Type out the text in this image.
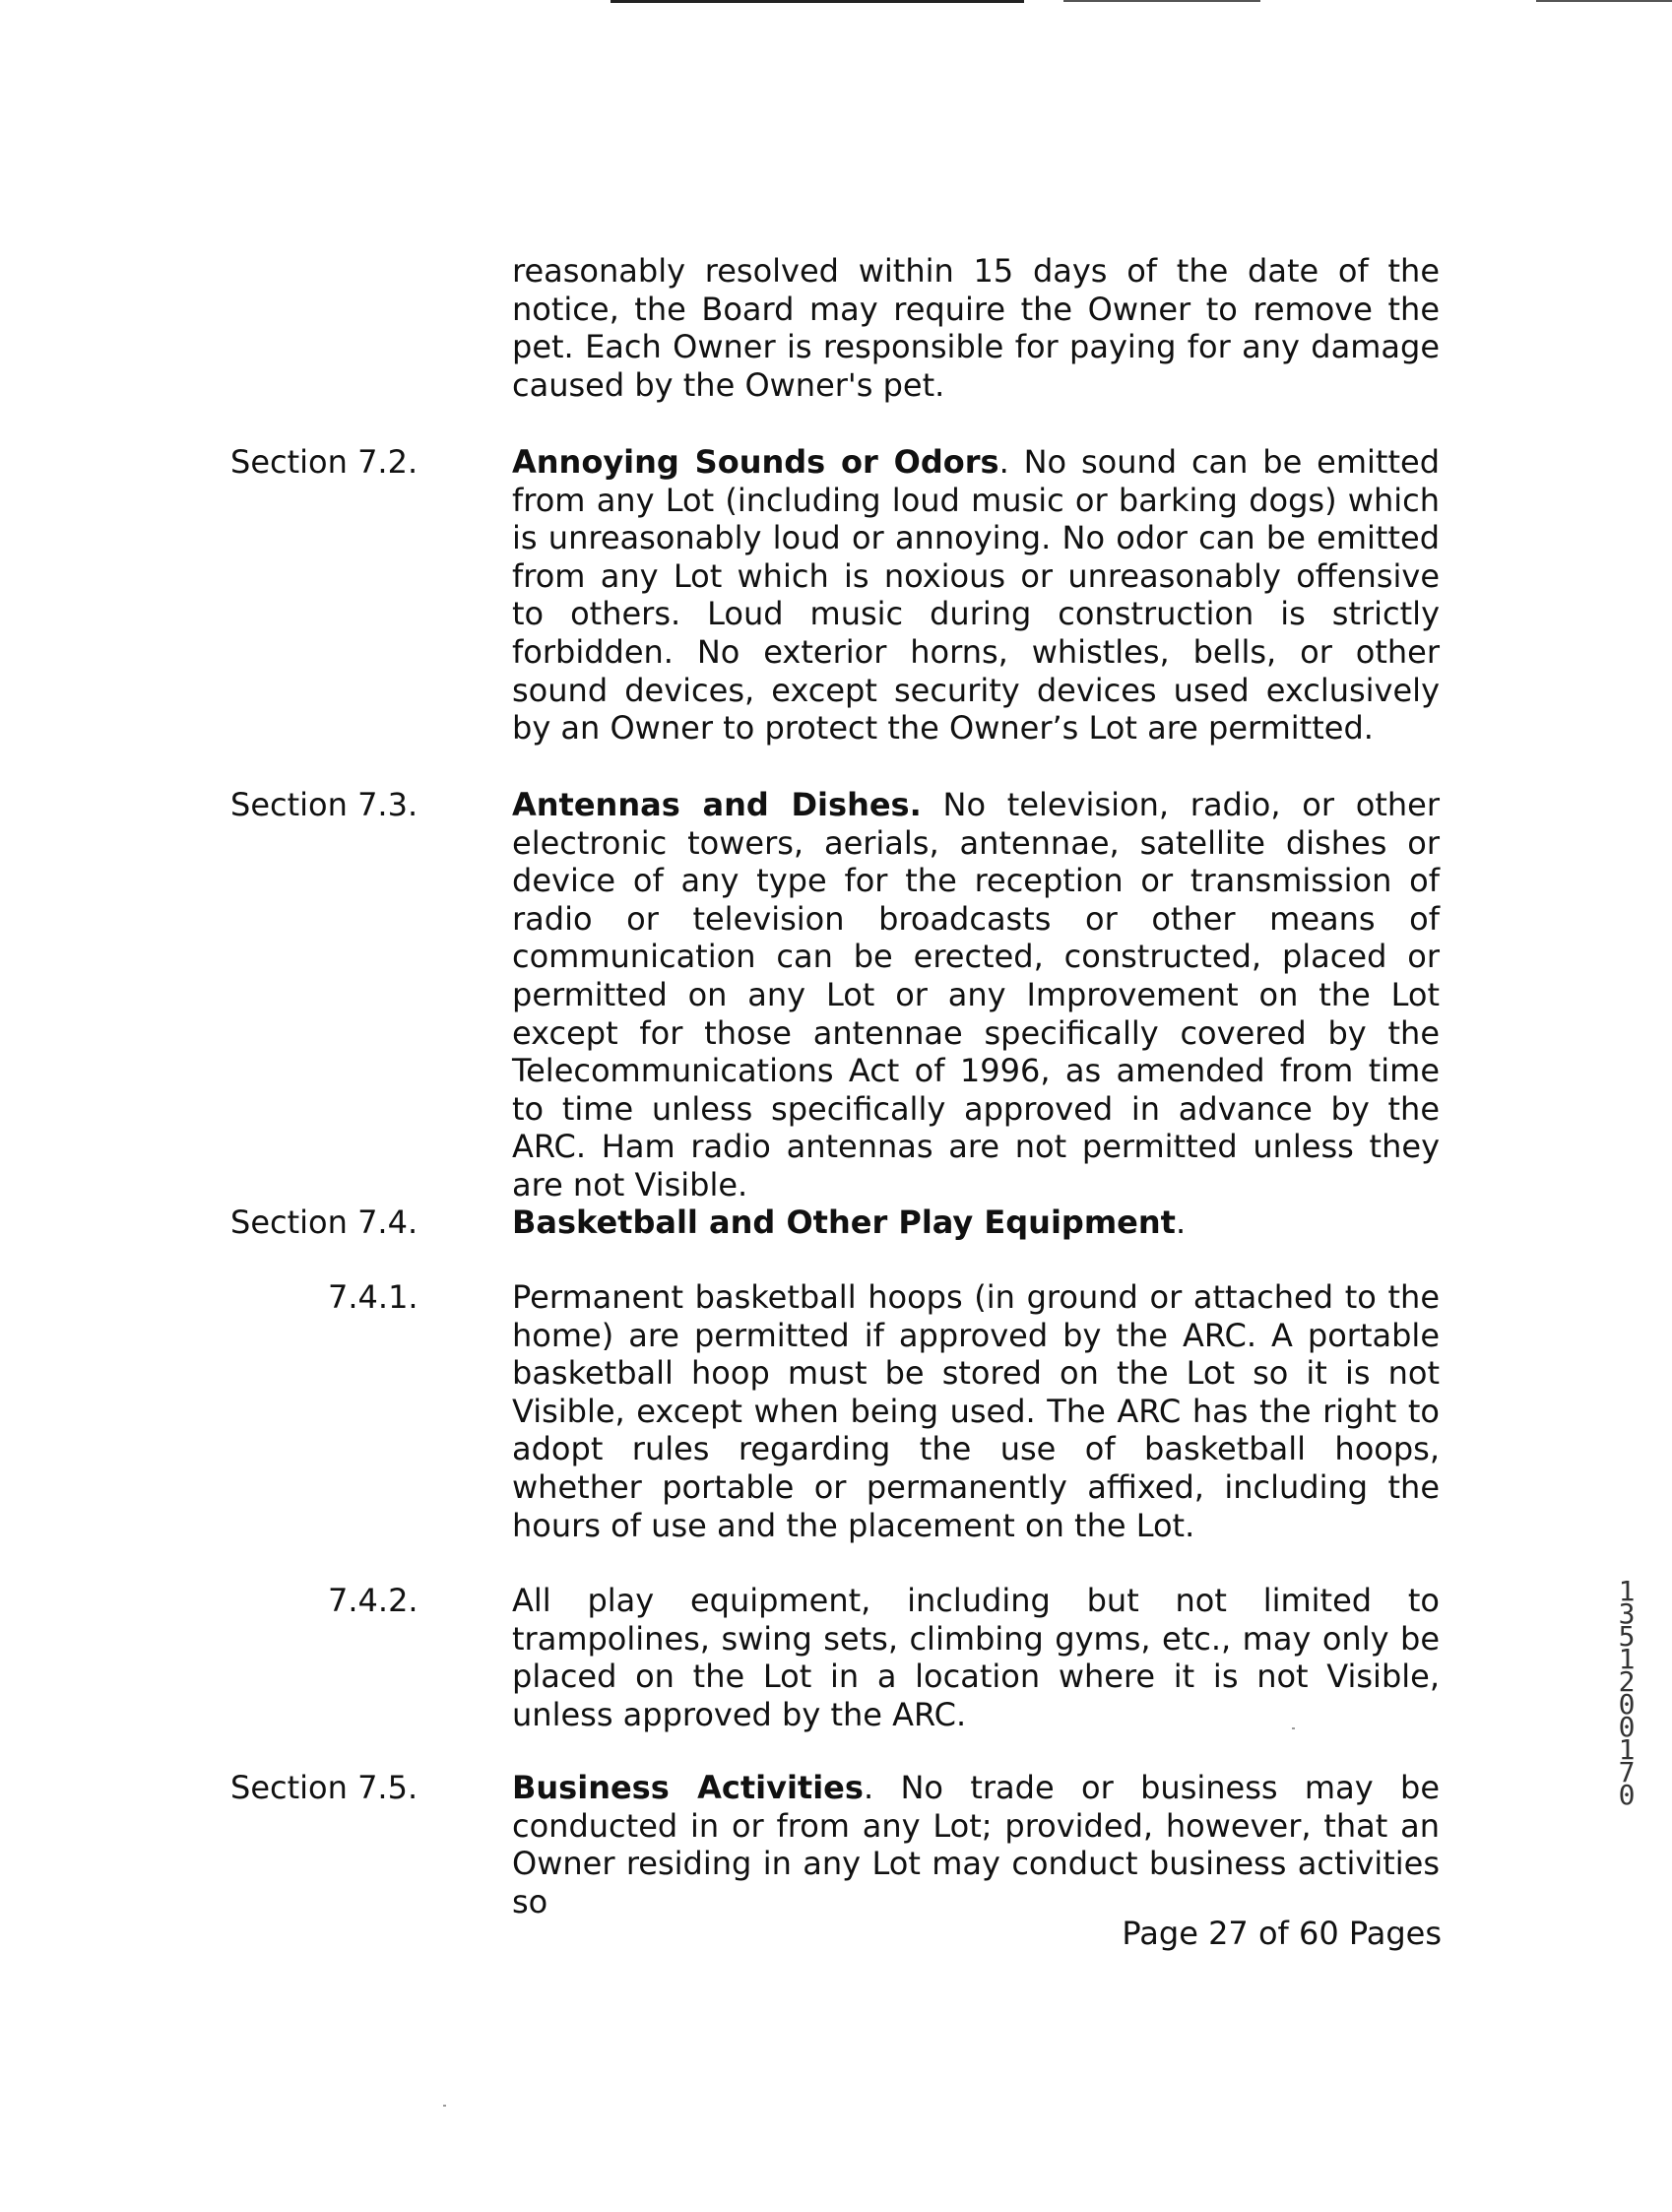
reasonably resolved within 15 days of the date of the notice, the Board may require the Owner to remove the pet. Each Owner is responsible for paying for any damage caused by the Owner's pet.

Section 7.2.	Annoying Sounds or Odors. No sound can be emitted from any Lot (including loud music or barking dogs) which is unreasonably loud or annoying. No odor can be emitted from any Lot which is noxious or unreasonably offensive to others. Loud music during construction is strictly forbidden. No exterior horns, whistles, bells, or other sound devices, except security devices used exclusively by an Owner to protect the Owner’s Lot are permitted.

Section 7.3.	Antennas and Dishes. No television, radio, or other electronic towers, aerials, antennae, satellite dishes or device of any type for the reception or transmission of radio or television broadcasts or other means of communication can be erected, constructed, placed or permitted on any Lot or any Improvement on the Lot except for those antennae specifically covered by the Telecommunications Act of 1996, as amended from time to time unless specifically approved in advance by the ARC. Ham radio antennas are not permitted unless they are not Visible.

Section 7.4.	Basketball and Other Play Equipment.

7.4.1.	Permanent basketball hoops (in ground or attached to the home) are permitted if approved by the ARC. A portable basketball hoop must be stored on the Lot so it is not Visible, except when being used. The ARC has the right to adopt rules regarding the use of basketball hoops, whether portable or permanently affixed, including the hours of use and the placement on the Lot.

7.4.2.	All play equipment, including but not limited to trampolines, swing sets, climbing gyms, etc., may only be placed on the Lot in a location where it is not Visible, unless approved by the ARC.

Section 7.5.	Business Activities. No trade or business may be conducted in or from any Lot; provided, however, that an Owner residing in any Lot may conduct business activities so

Page 27 of 60 Pages
13512 00170
